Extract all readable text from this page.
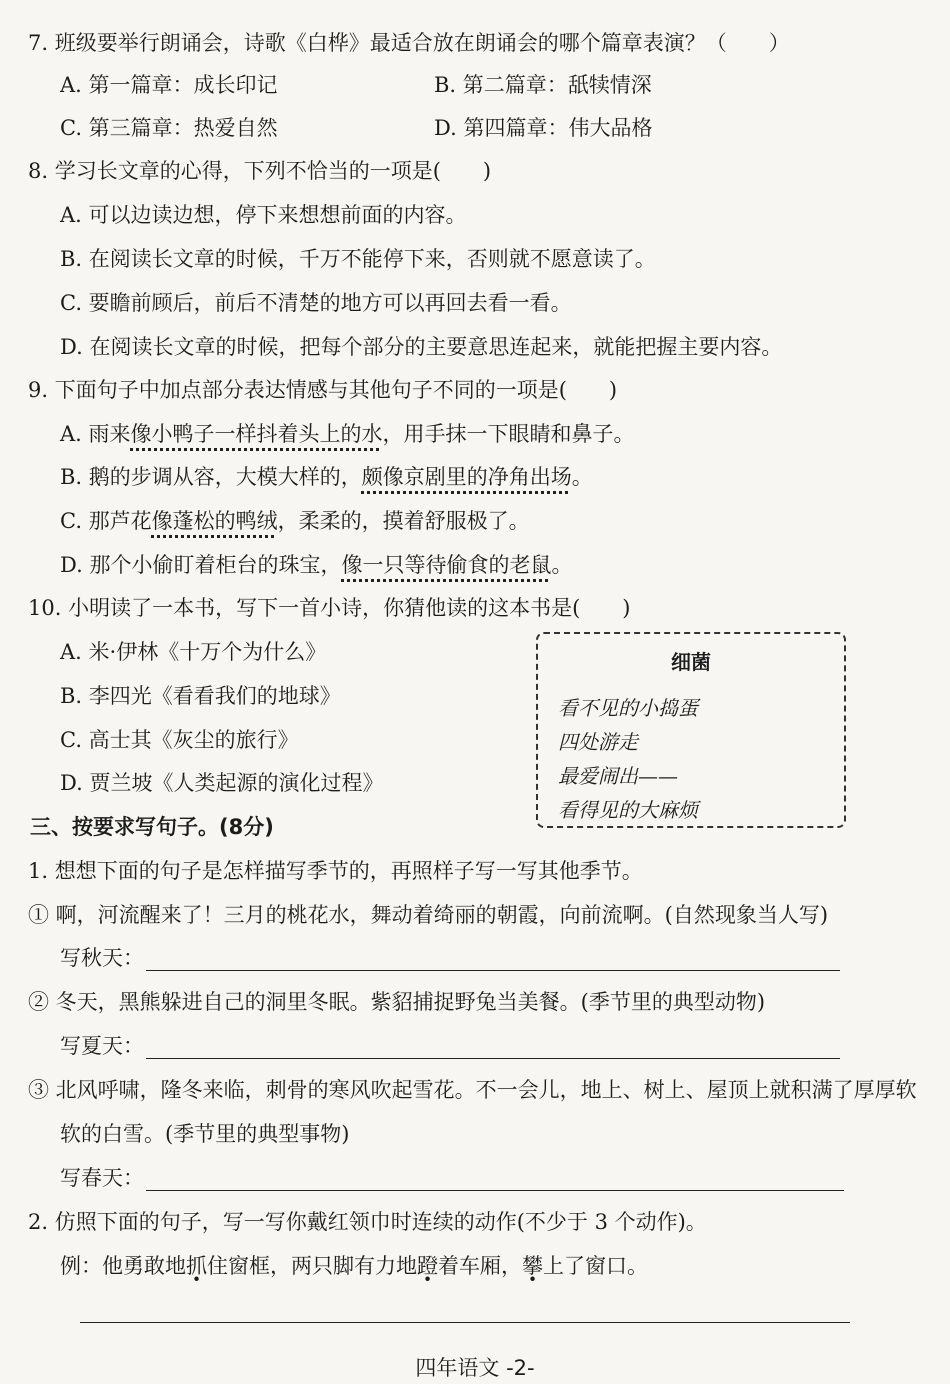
7. 班级要举行朗诵会，诗歌《白桦》最适合放在朗诵会的哪个篇章表演？（　　）
A. 第一篇章：成长印记	B. 第二篇章：舐犊情深
C. 第三篇章：热爱自然	D. 第四篇章：伟大品格
8. 学习长文章的心得，下列不恰当的一项是(　　)
A. 可以边读边想，停下来想想前面的内容。
B. 在阅读长文章的时候，千万不能停下来，否则就不愿意读了。
C. 要瞻前顾后，前后不清楚的地方可以再回去看一看。
D. 在阅读长文章的时候，把每个部分的主要意思连起来，就能把握主要内容。
9. 下面句子中加点部分表达情感与其他句子不同的一项是(　　)
A. 雨来像小鸭子一样抖着头上的水，用手抹一下眼睛和鼻子。
B. 鹅的步调从容，大模大样的，颇像京剧里的净角出场。
C. 那芦花像蓬松的鸭绒，柔柔的，摸着舒服极了。
D. 那个小偷盯着柜台的珠宝，像一只等待偷食的老鼠。
10. 小明读了一本书，写下一首小诗，你猜他读的这本书是(　　)
A. 米·伊林《十万个为什么》
B. 李四光《看看我们的地球》
C. 高士其《灰尘的旅行》
D. 贾兰坡《人类起源的演化过程》
细菌
看不见的小捣蛋
四处游走
最爱闹出——
看得见的大麻烦
三、按要求写句子。(8分)
1. 想想下面的句子是怎样描写季节的，再照样子写一写其他季节。
① 啊，河流醒来了！三月的桃花水，舞动着绮丽的朝霞，向前流啊。(自然现象当人写)
写秋天：
② 冬天，黑熊躲进自己的洞里冬眠。紫貂捕捉野兔当美餐。(季节里的典型动物)
写夏天：
③ 北风呼啸，隆冬来临，刺骨的寒风吹起雪花。不一会儿，地上、树上、屋顶上就积满了厚厚软
软的白雪。(季节里的典型事物)
写春天：
2. 仿照下面的句子，写一写你戴红领巾时连续的动作(不少于 3 个动作)。
例：他勇敢地抓住窗框，两只脚有力地蹬着车厢，攀上了窗口。
四年语文 -2-
